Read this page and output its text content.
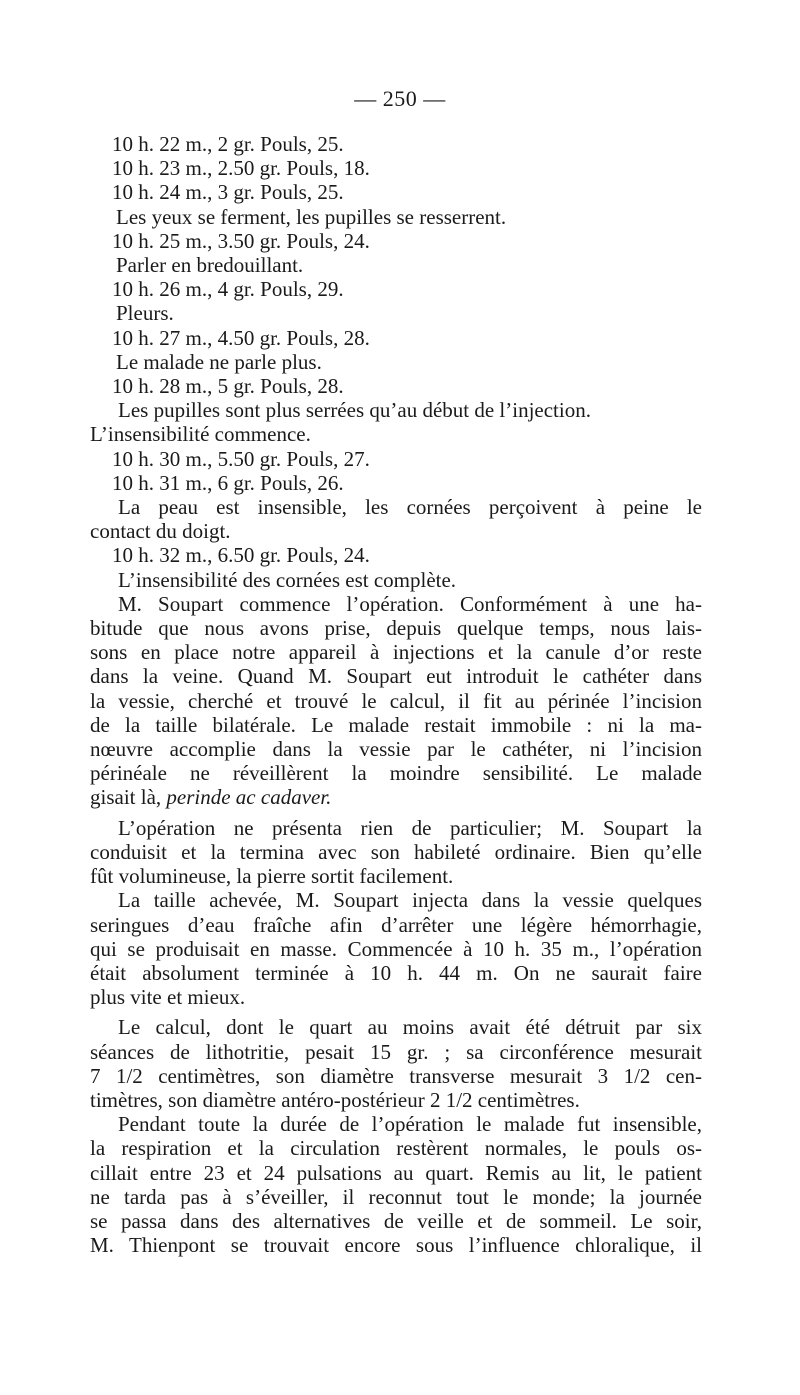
— 250 —
10 h. 22 m., 2 gr. Pouls, 25.
10 h. 23 m., 2.50 gr. Pouls, 18.
10 h. 24 m., 3 gr. Pouls, 25.
Les yeux se ferment, les pupilles se resserrent.
10 h. 25 m., 3.50 gr. Pouls, 24.
Parler en bredouillant.
10 h. 26 m., 4 gr. Pouls, 29.
Pleurs.
10 h. 27 m., 4.50 gr. Pouls, 28.
Le malade ne parle plus.
10 h. 28 m., 5 gr. Pouls, 28.
Les pupilles sont plus serrées qu’au début de l’injection.
L’insensibilité commence.
10 h. 30 m., 5.50 gr. Pouls, 27.
10 h. 31 m., 6 gr. Pouls, 26.
La peau est insensible, les cornées perçoivent à peine le
contact du doigt.
10 h. 32 m., 6.50 gr. Pouls, 24.
L’insensibilité des cornées est complète.
M. Soupart commence l’opération. Conformément à une ha-
bitude que nous avons prise, depuis quelque temps, nous lais-
sons en place notre appareil à injections et la canule d’or reste
dans la veine. Quand M. Soupart eut introduit le cathéter dans
la vessie, cherché et trouvé le calcul, il fit au périnée l’incision
de la taille bilatérale. Le malade restait immobile : ni la ma-
nœuvre accomplie dans la vessie par le cathéter, ni l’incision
périnéale ne réveillèrent la moindre sensibilité. Le malade
gisait là, perinde ac cadaver.
L’opération ne présenta rien de particulier; M. Soupart la
conduisit et la termina avec son habileté ordinaire. Bien qu’elle
fût volumineuse, la pierre sortit facilement.
La taille achevée, M. Soupart injecta dans la vessie quelques
seringues d’eau fraîche afin d’arrêter une légère hémorrhagie,
qui se produisait en masse. Commencée à 10 h. 35 m., l’opération
était absolument terminée à 10 h. 44 m. On ne saurait faire
plus vite et mieux.
Le calcul, dont le quart au moins avait été détruit par six
séances de lithotritie, pesait 15 gr. ; sa circonférence mesurait
7 1/2 centimètres, son diamètre transverse mesurait 3 1/2 cen-
timètres, son diamètre antéro-postérieur 2 1/2 centimètres.
Pendant toute la durée de l’opération le malade fut insensible,
la respiration et la circulation restèrent normales, le pouls os-
cillait entre 23 et 24 pulsations au quart. Remis au lit, le patient
ne tarda pas à s’éveiller, il reconnut tout le monde; la journée
se passa dans des alternatives de veille et de sommeil. Le soir,
M. Thienpont se trouvait encore sous l’influence chloralique, il
